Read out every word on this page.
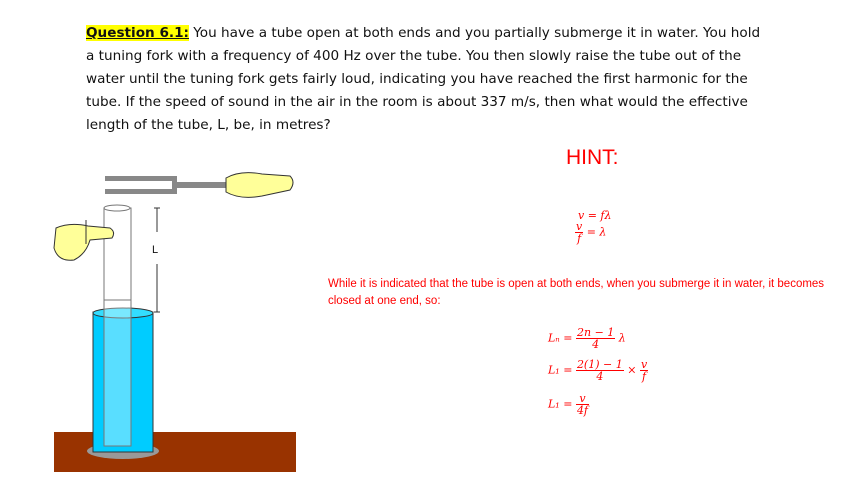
Question 6.1: You have a tube open at both ends and you partially submerge it in water. You hold a tuning fork with a frequency of 400 Hz over the tube. You then slowly raise the tube out of the water until the tuning fork gets fairly loud, indicating you have reached the first harmonic for the tube. If the speed of sound in the air in the room is about 337 m/s, then what would the effective length of the tube, L, be, in metres?
L
HINT:
v = fλ
$\frac{v}{f} = \lambda$
While it is indicated that the tube is open at both ends, when you submerge it in water, it becomes closed at one end, so:
$L_n = \frac{2n - 1}{4}$ λ
$L_1 = \frac{2(1) - 1}{4} \times \frac{v}{f}$
$L_1 = \frac{v}{4f}$
